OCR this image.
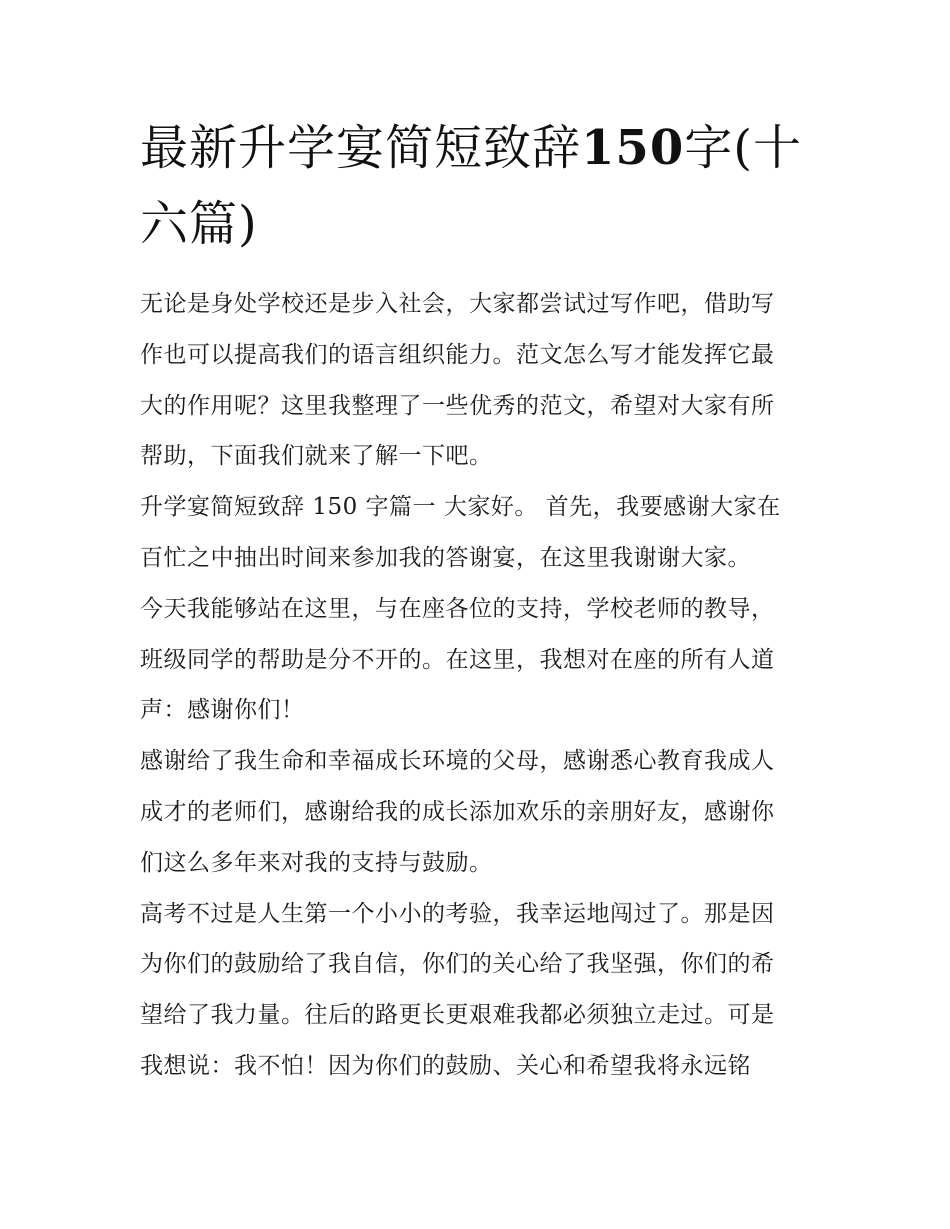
最新升学宴简短致辞150字(十
六篇)

无论是身处学校还是步入社会，大家都尝试过写作吧，借助写
作也可以提高我们的语言组织能力。范文怎么写才能发挥它最
大的作用呢？这里我整理了一些优秀的范文，希望对大家有所
帮助，下面我们就来了解一下吧。

升学宴简短致辞 150 字篇一 大家好。 首先，我要感谢大家在
百忙之中抽出时间来参加我的答谢宴，在这里我谢谢大家。

今天我能够站在这里，与在座各位的支持，学校老师的教导，
班级同学的帮助是分不开的。在这里，我想对在座的所有人道
声：感谢你们！

感谢给了我生命和幸福成长环境的父母，感谢悉心教育我成人
成才的老师们，感谢给我的成长添加欢乐的亲朋好友，感谢你
们这么多年来对我的支持与鼓励。

高考不过是人生第一个小小的考验，我幸运地闯过了。那是因
为你们的鼓励给了我自信，你们的关心给了我坚强，你们的希
望给了我力量。往后的路更长更艰难我都必须独立走过。可是
我想说：我不怕！因为你们的鼓励、关心和希望我将永远铭
